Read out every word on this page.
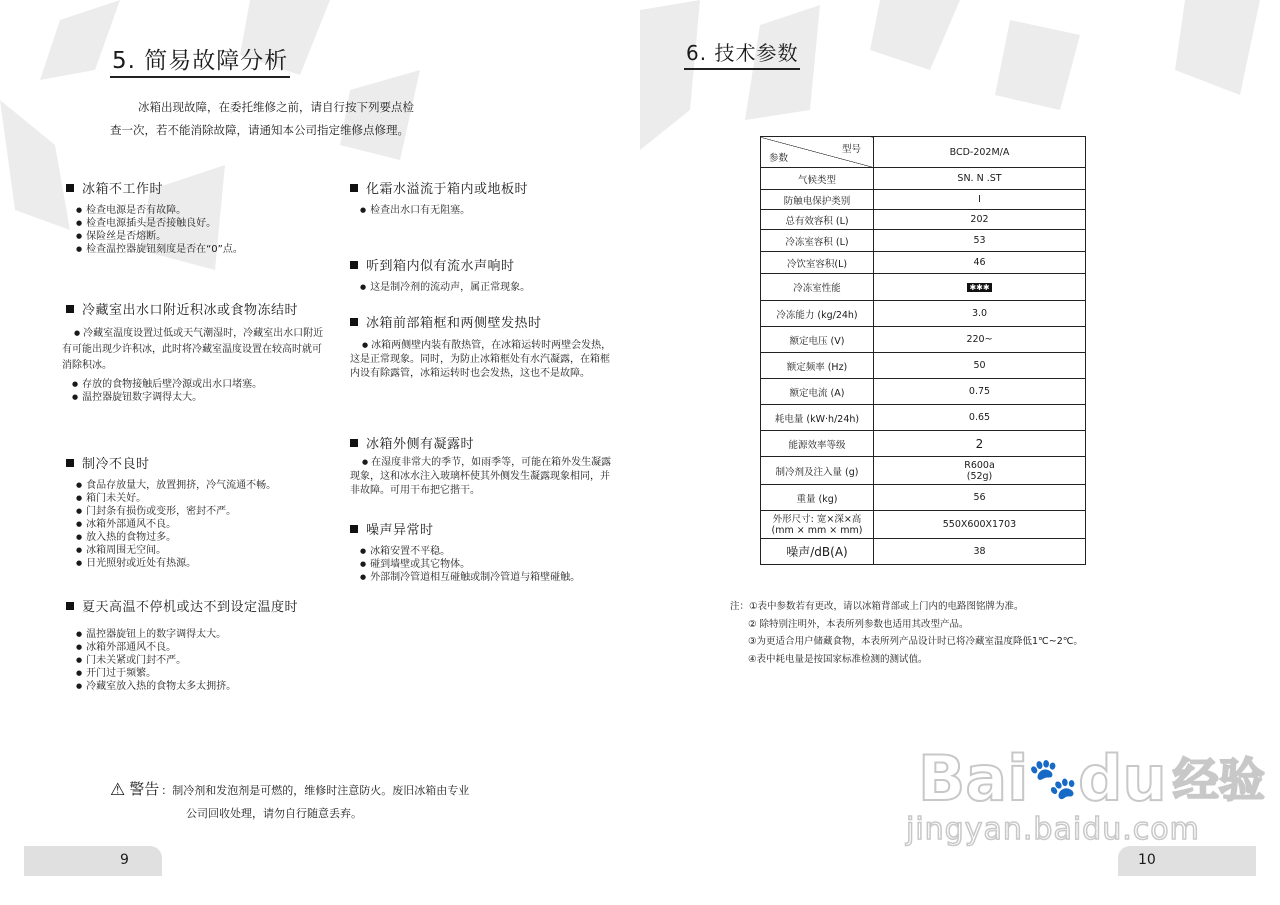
5. 简易故障分析

冰箱出现故障，在委托维修之前，请自行按下列要点检

查一次，若不能消除故障，请通知本公司指定维修点修理。

冰箱不工作时
● 检查电源是否有故障。
● 检查电源插头是否接触良好。
● 保险丝是否熔断。
● 检查温控器旋钮刻度是否在“0”点。
冷藏室出水口附近积冰或食物冻结时

● 冷藏室温度设置过低或天气潮湿时，冷藏室出水口附近有可能出现少许积冰，此时将冷藏室温度设置在较高时就可消除积冰。

● 存放的食物接触后壁冷源或出水口堵塞。
● 温控器旋钮数字调得太大。
制冷不良时
● 食品存放量大，放置拥挤，冷气流通不畅。
● 箱门未关好。
● 门封条有损伤或变形，密封不严。
● 冰箱外部通风不良。
● 放入热的食物过多。
● 冰箱周围无空间。
● 日光照射或近处有热源。
夏天高温不停机或达不到设定温度时
● 温控器旋钮上的数字调得太大。
● 冰箱外部通风不良。
● 门未关紧或门封不严。
● 开门过于频繁。
● 冷藏室放入热的食物太多太拥挤。
化霜水溢流于箱内或地板时
● 检查出水口有无阻塞。
听到箱内似有流水声响时
● 这是制冷剂的流动声，属正常现象。
冰箱前部箱框和两侧壁发热时

● 冰箱两侧壁内装有散热管，在冰箱运转时两壁会发热，这是正常现象。同时，为防止冰箱框处有水汽凝露，在箱框内设有除露管，冰箱运转时也会发热，这也不是故障。

冰箱外侧有凝露时

● 在湿度非常大的季节，如雨季等，可能在箱外发生凝露现象，这和冰水注入玻璃杯使其外侧发生凝露现象相同，并非故障。可用干布把它揩干。

噪声异常时
● 冰箱安置不平稳。
● 碰到墙壁或其它物体。
● 外部制冷管道相互碰触或制冷管道与箱壁碰触。
⚠ 警告 ：制冷剂和发泡剂是可燃的，维修时注意防火。废旧冰箱由专业
公司回收处理，请勿自行随意丢弃。
9
6. 技术参数
型号
参数	BCD-202M/A
气候类型	SN. N .ST
防触电保护类别	I
总有效容积 (L)	202
冷冻室容积 (L)	53
冷饮室容积(L)	46
冷冻室性能	✱✱✱
冷冻能力 (kg/24h)	3.0
额定电压 (V)	220~
额定频率 (Hz)	50
额定电流 (A)	0.75
耗电量 (kW·h/24h)	0.65
能源效率等级	2
制冷剂及注入量 (g)	R600a
(52g)

重量 (kg)	56

外形尺寸: 宽×深×高
(mm × mm × mm)	550X600X1703
噪声/dB(A)	38
注：①表中参数若有更改，请以冰箱背部或上门内的电路图铭牌为准。
② 除特别注明外，本表所列参数也适用其改型产品。
③为更适合用户储藏食物，本表所列产品设计时已将冷藏室温度降低1℃~2℃。
④表中耗电量是按国家标准检测的测试值。
10
Bai🐾du 经验
jingyan.baidu.com
